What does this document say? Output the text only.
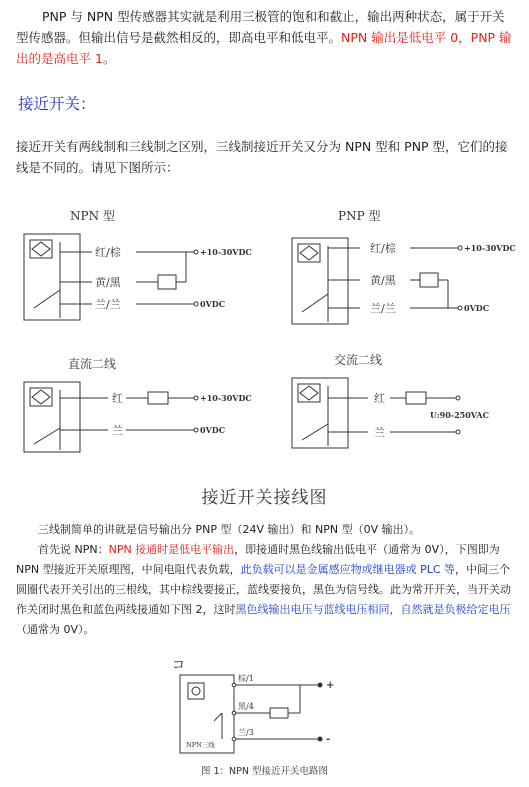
PNP 与 NPN 型传感器其实就是利用三极管的饱和和截止，输出两种状态，属于开关型传感器。但输出信号是截然相反的，即高电平和低电平。NPN 输出是低电平 0，PNP 输出的是高电平 1。
接近开关：
接近开关有两线制和三线制之区别，三线制接近开关又分为 NPN 型和 PNP 型，它们的接线是不同的。请见下图所示：
NPN 型
红/棕
黄/黑
兰/兰
+10-30VDC
0VDC
PNP 型
红/棕
黄/黑
兰/兰
+10-30VDC
0VDC
直流二线
红
兰
+10-30VDC
0VDC
交流二线
红
兰
U:90-250VAC
接近开关接线图
三线制简单的讲就是信号输出分 PNP 型（24V 输出）和 NPN 型（0V 输出）。
首先说 NPN：NPN 接通时是低电平输出，即接通时黑色线输出低电平（通常为 0V），下图即为 NPN 型接近开关原理图，中间电阻代表负载，此负载可以是金属感应物或继电器或 PLC 等，中间三个圆圈代表开关引出的三根线，其中棕线要接正，蓝线要接负，黑色为信号线。此为常开开关，当开关动作关闭时黑色和蓝色两线接通如下图 2，这时黑色线输出电压与蓝线电压相同，自然就是负极给定电压（通常为 0V）。
コ
NPN三线
+
棕/1
黑/4
-
兰/3
图 1：NPN 型接近开关电路图
